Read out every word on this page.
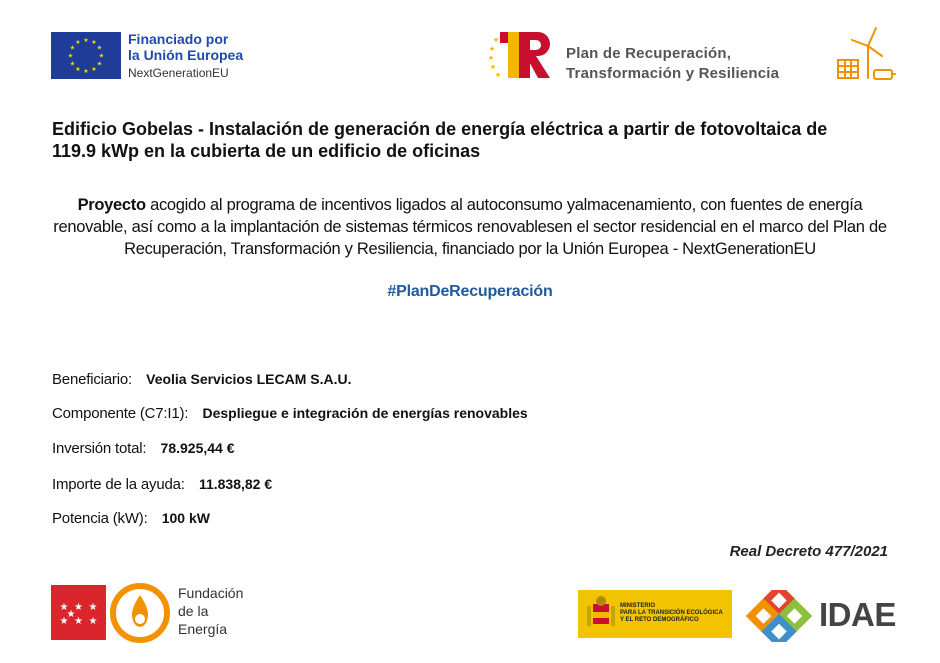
★ ★
★
★
★
★
★
★
★
★
★
★	Financiado por
la Unión Europea
NextGenerationEU
★
★
★
★
★
Plan de Recuperación,
Transformación y Resiliencia
Edificio Gobelas - Instalación de generación de energía eléctrica a partir de fotovoltaica de 119.9 kWp en la cubierta de un edificio de oficinas
Proyecto acogido al programa de incentivos ligados al autoconsumo yalmacenamiento, con fuentes de energía renovable, así como a la implantación de sistemas térmicos renovablesen el sector residencial en el marco del Plan de Recuperación, Transformación y Resiliencia, financiado por la Unión Europea - NextGenerationEU
#PlanDeRecuperación
Beneficiario: Veolia Servicios LECAM S.A.U.
Componente (C7:I1): Despliegue e integración de energías renovables
Inversión total: 78.925,44 €
Importe de la ayuda: 11.838,82 €
Potencia (kW): 100 kW
Real Decreto 477/2021
★ ★ ★
★ ★ ★
★
Fundación
de la
Energía
MINISTERIO
PARA LA TRANSICIÓN ECOLÓGICA
Y EL RETO DEMOGRÁFICO	IDAE
